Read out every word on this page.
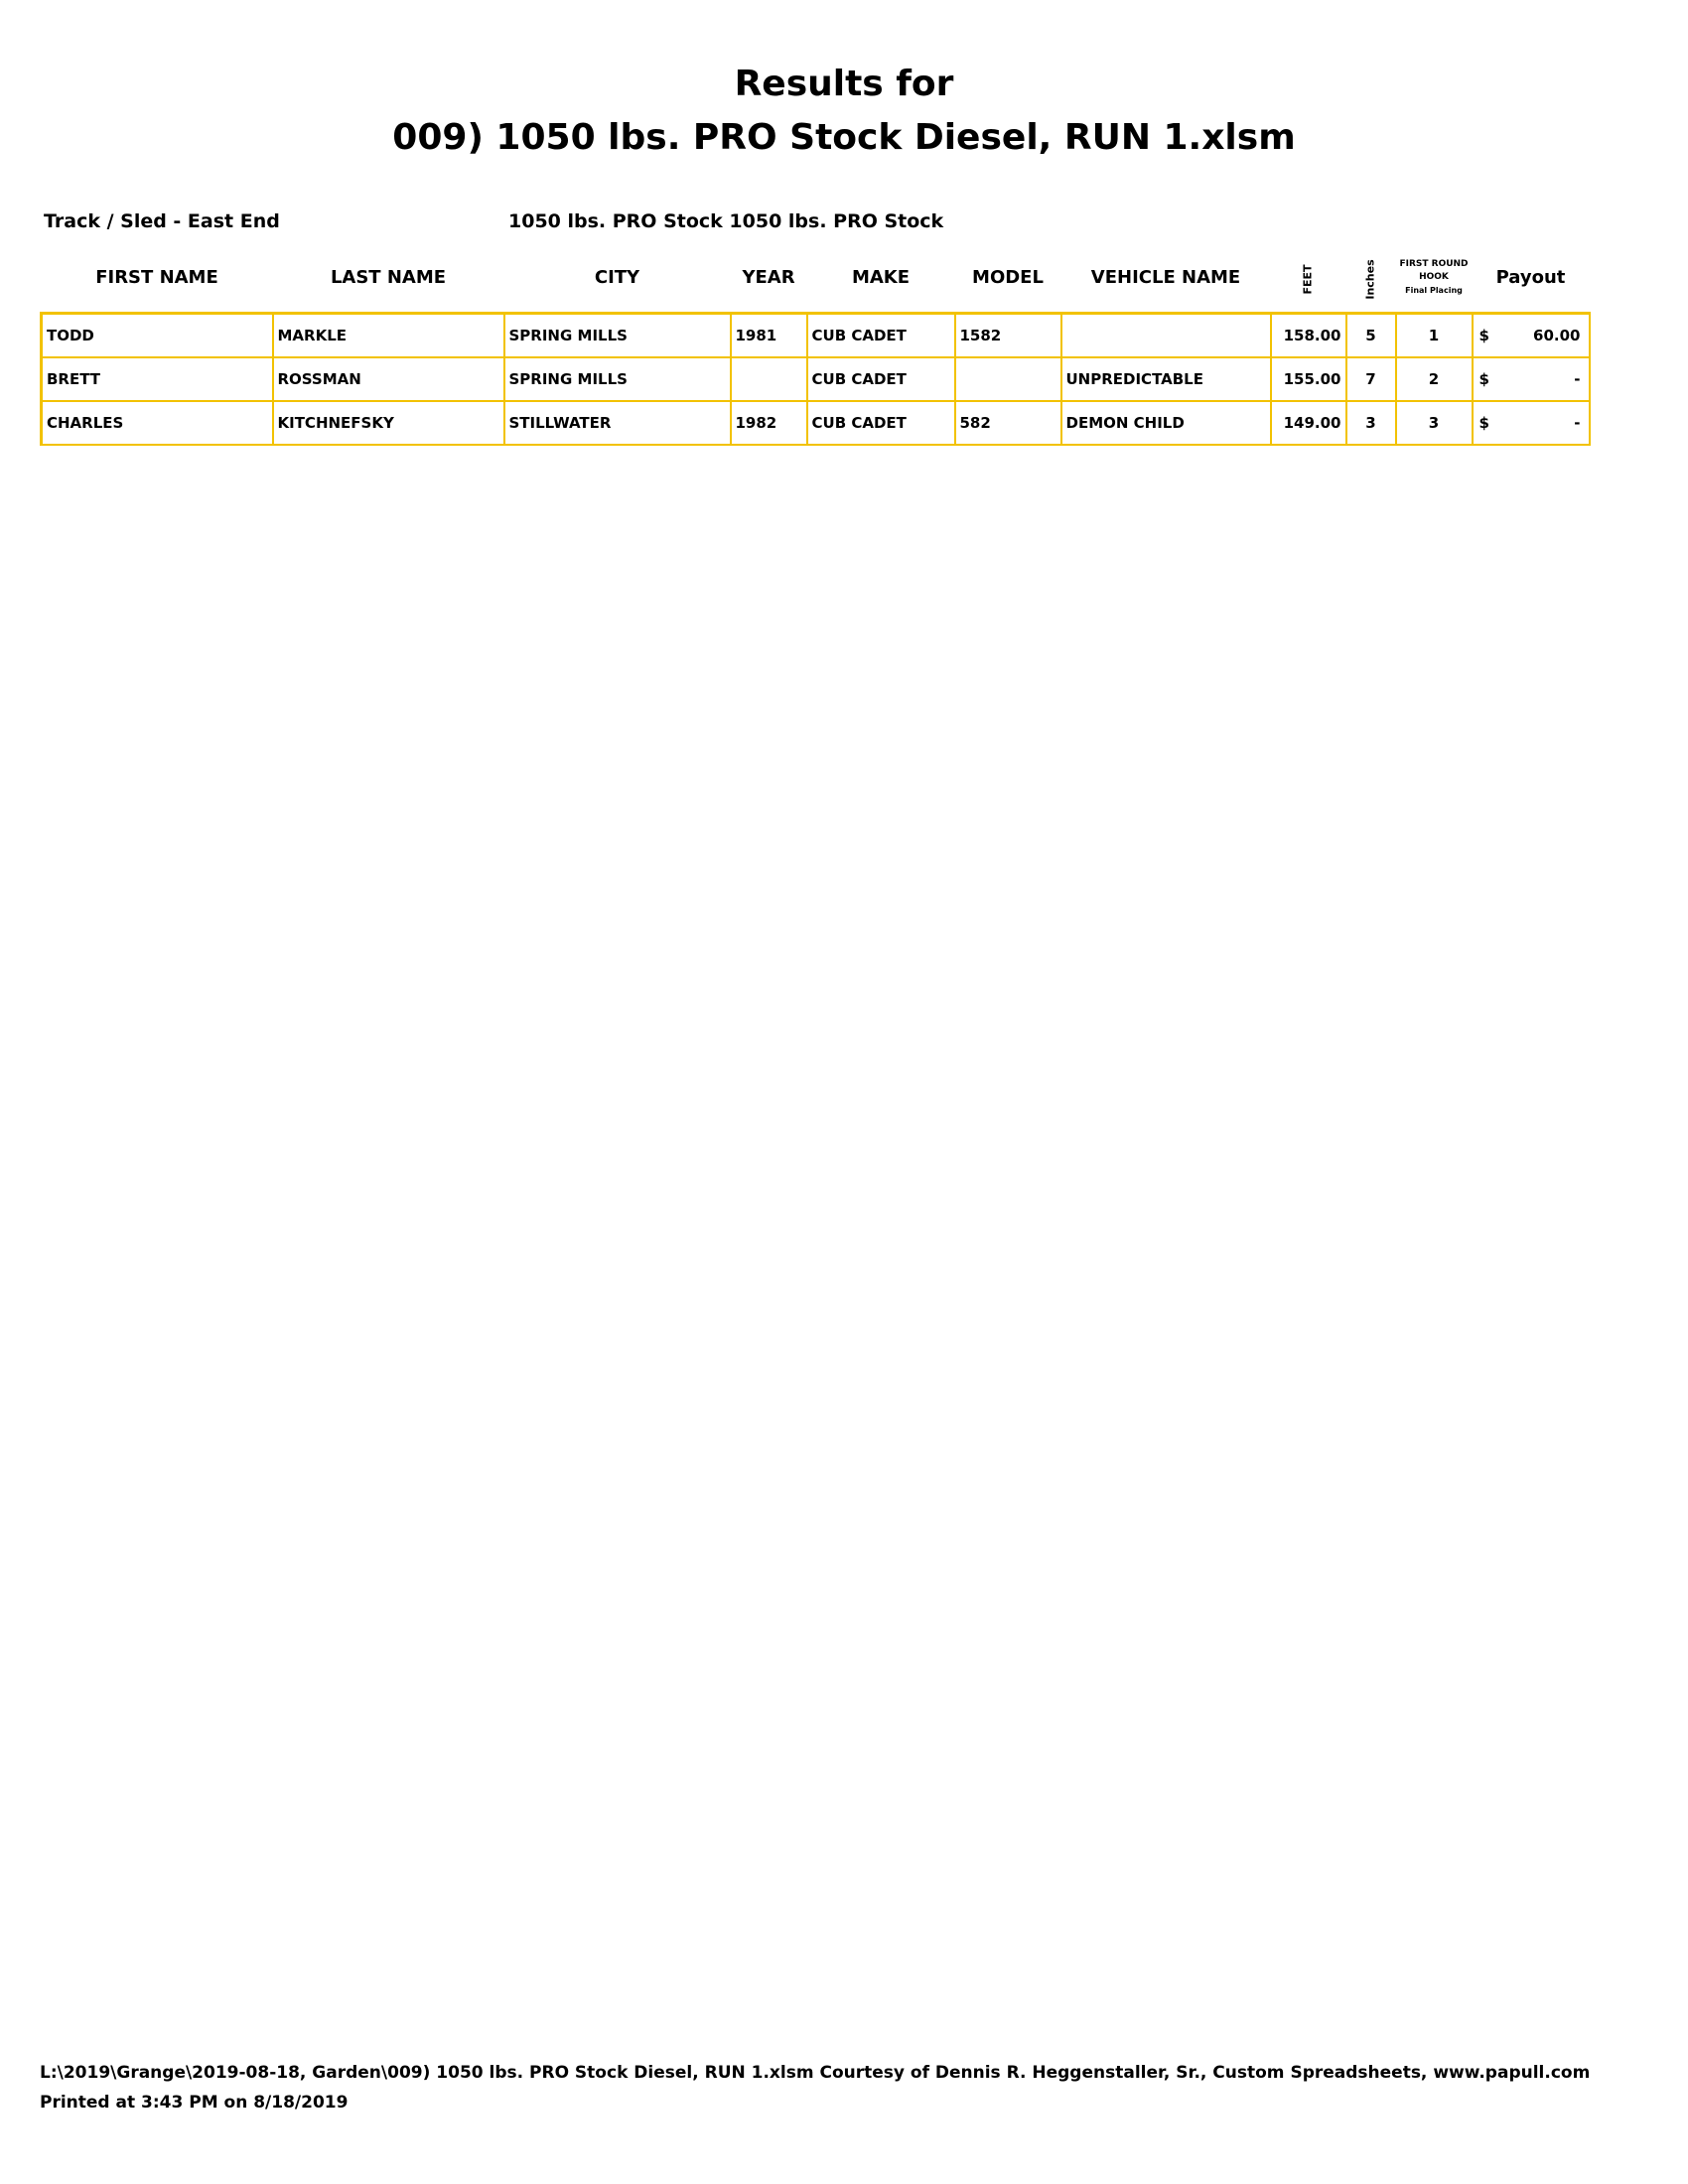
Results for
009) 1050 lbs. PRO Stock Diesel, RUN 1.xlsm
Track / Sled - East End	1050 lbs. PRO Stock 1050 lbs. PRO Stock
FIRST NAME	LAST NAME	CITY	YEAR	MAKE	MODEL	VEHICLE NAME	FEET	Inches	FIRST ROUND
HOOK
Final Placing	Payout
TODD	MARKLE	SPRING MILLS	1981	CUB CADET	1582		158.00	5	1	$ 60.00

BRETT	ROSSMAN	SPRING MILLS		CUB CADET		UNPREDICTABLE	155.00	7	2	$ -

CHARLES	KITCHNEFSKY	STILLWATER	1982	CUB CADET	582	DEMON CHILD	149.00	3	3	$ -
L:\2019\Grange\2019-08-18, Garden\009) 1050 lbs. PRO Stock Diesel, RUN 1.xlsm Courtesy of Dennis R. Heggenstaller, Sr., Custom Spreadsheets, www.papull.com
Printed at 3:43 PM on 8/18/2019
